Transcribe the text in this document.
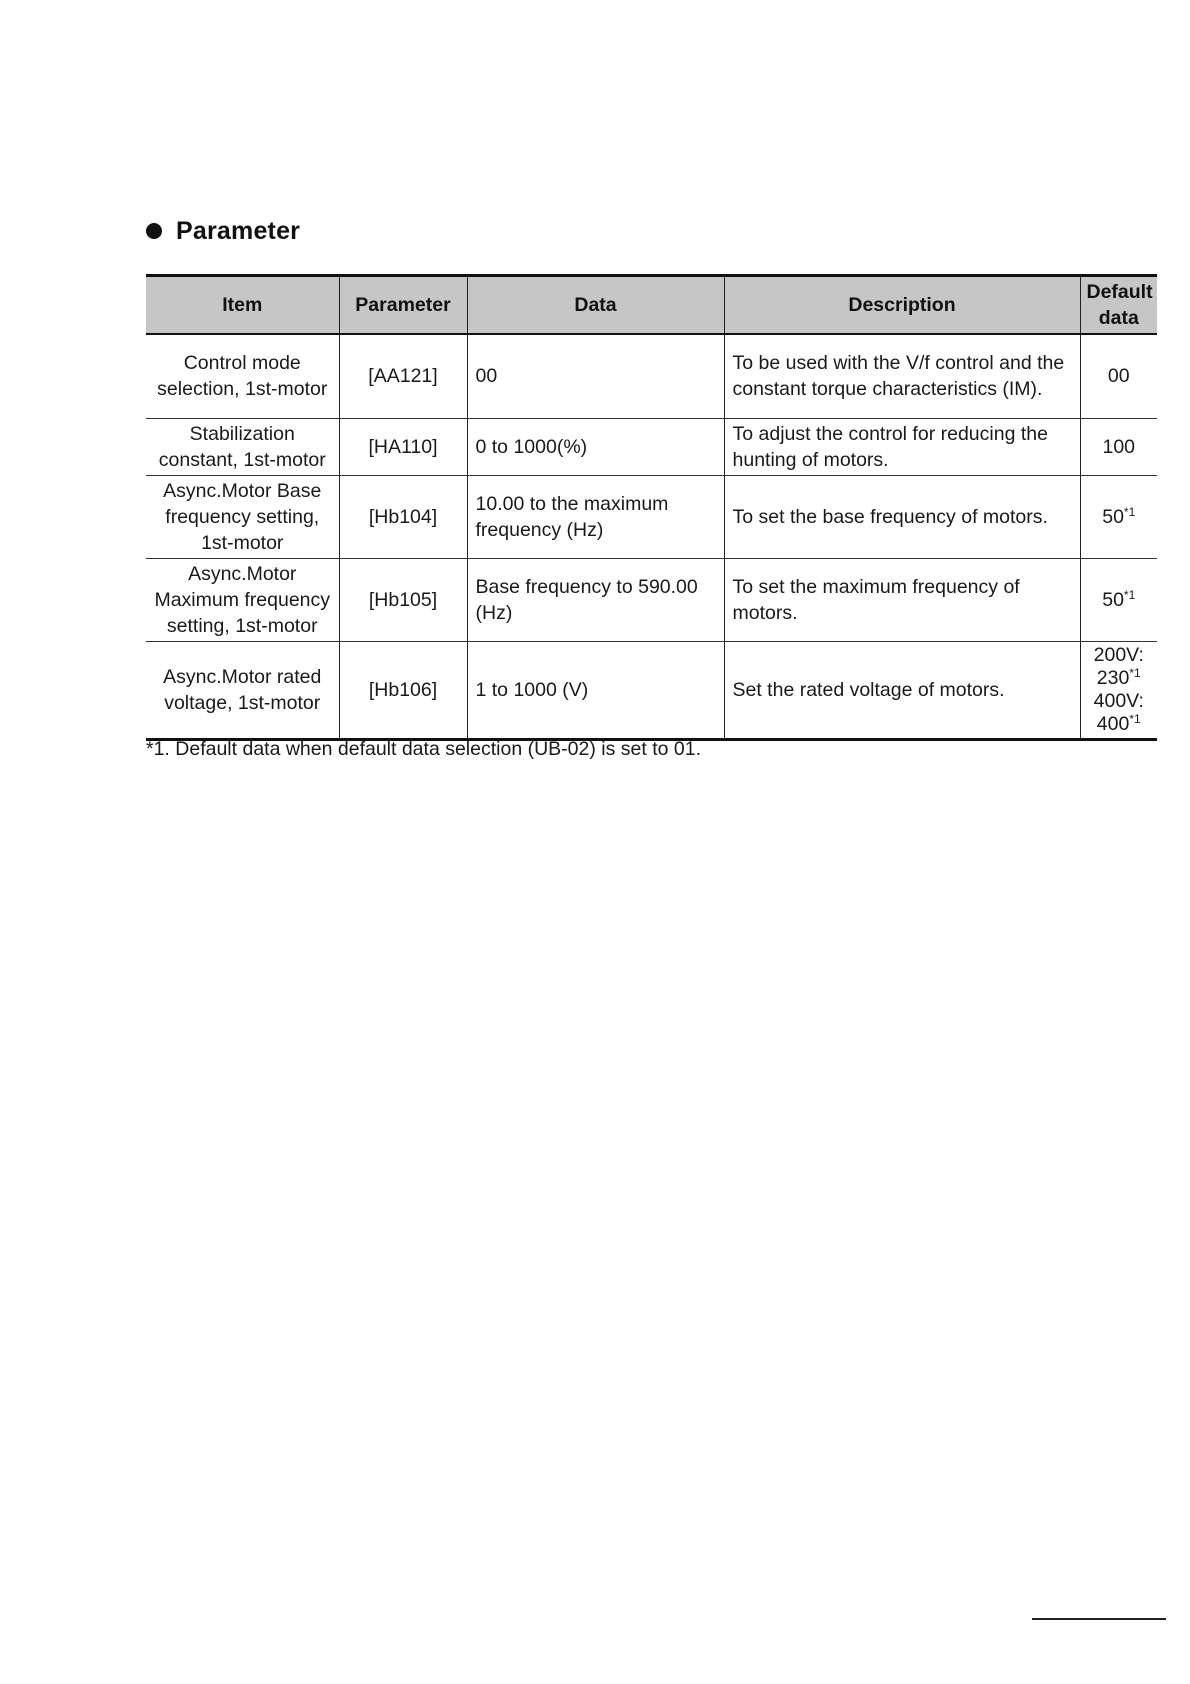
Parameter
Item	Parameter	Data	Description	Default data
Control mode selection, 1st-motor	[AA121]	00	To be used with the V/f control and the constant torque characteristics (IM).	00
Stabilization constant, 1st-motor	[HA110]	0 to 1000(%)	To adjust the control for reducing the hunting of motors.	100
Async.Motor Base frequency setting, 1st-motor	[Hb104]	10.00 to the maximum frequency (Hz)	To set the base frequency of motors.	50$^{*1}$
Async.Motor Maximum frequency setting, 1st-motor	[Hb105]	Base frequency to 590.00 (Hz)	To set the maximum frequency of motors.	50$^{*1}$
Async.Motor rated voltage, 1st-motor	[Hb106]	1 to 1000 (V)	Set the rated voltage of motors.	200V:
230$^{*1}$
400V:
400$^{*1}$
*1. Default data when default data selection (UB-02) is set to 01.
